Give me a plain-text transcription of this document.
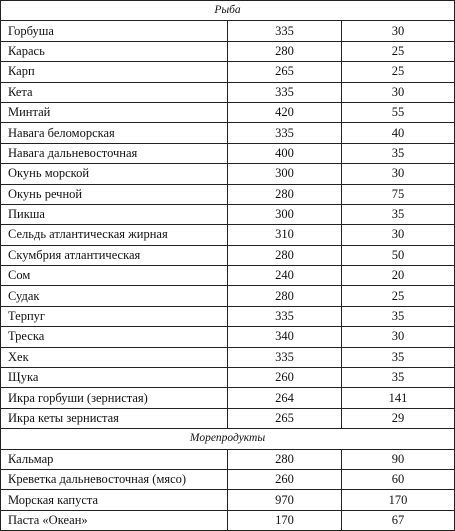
Рыба		
Горбуша	335	30
Карась	280	25
Карп	265	25
Кета	335	30
Минтай	420	55
Навага беломорская	335	40
Навага дальневосточная	400	35
Окунь морской	300	30
Окунь речной	280	75
Пикша	300	35
Сельдь атлантическая жирная	310	30
Скумбрия атлантическая	280	50
Сом	240	20
Судак	280	25
Терпуг	335	35
Треска	340	30
Хек	335	35
Щука	260	35
Икра горбуши (зернистая)	264	141
Икра кеты зернистая	265	29
Морепродукты		
Кальмар	280	90
Креветка дальневосточная (мясо)	260	60
Морская капуста	970	170
Паста «Океан»	170	67
